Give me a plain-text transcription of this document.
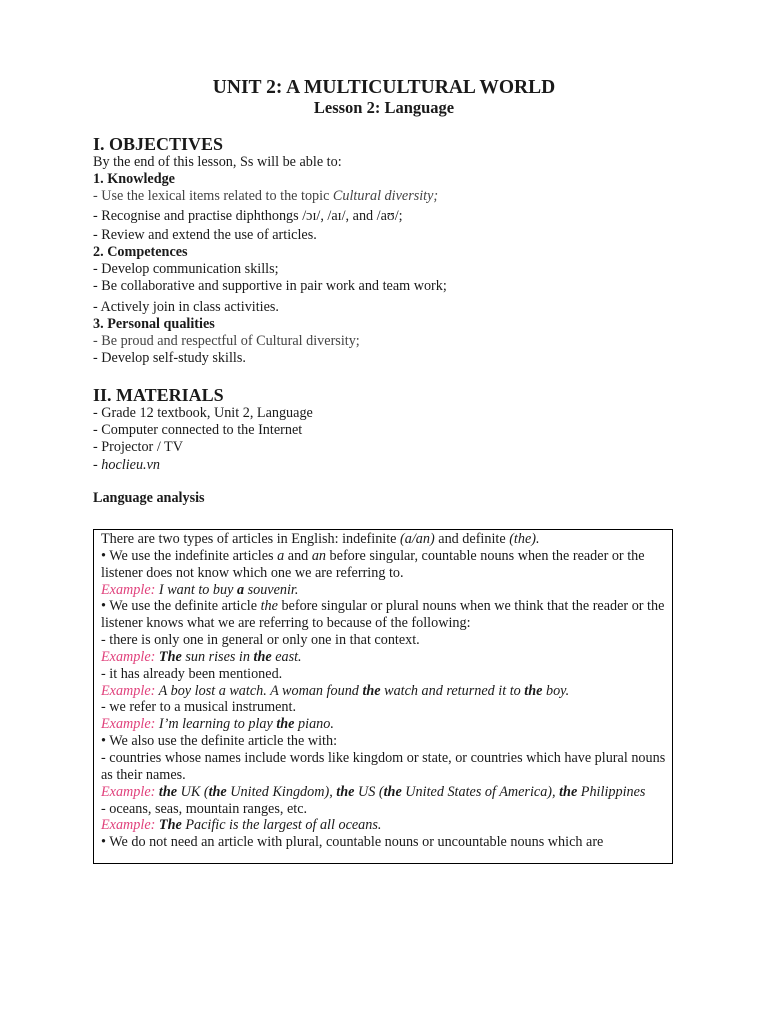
UNIT 2: A MULTICULTURAL WORLD
Lesson 2: Language
I. OBJECTIVES
By the end of this lesson, Ss will be able to:
1. Knowledge
- Use the lexical items related to the topic Cultural diversity;
- Recognise and practise diphthongs /ɔɪ/, /aɪ/, and /aʊ/;
- Review and extend the use of articles.
2. Competences
- Develop communication skills;
- Be collaborative and supportive in pair work and team work;
- Actively join in class activities.
3. Personal qualities
- Be proud and respectful of Cultural diversity;
- Develop self-study skills.
II. MATERIALS
- Grade 12 textbook, Unit 2, Language
- Computer connected to the Internet
- Projector / TV
- hoclieu.vn
Language analysis
There are two types of articles in English: indefinite (a/an) and definite (the).
• We use the indefinite articles a and an before singular, countable nouns when the reader or the listener does not know which one we are referring to.
Example: I want to buy a souvenir.
• We use the definite article the before singular or plural nouns when we think that the reader or the listener knows what we are referring to because of the following:
- there is only one in general or only one in that context.
Example: The sun rises in the east.
- it has already been mentioned.
Example: A boy lost a watch. A woman found the watch and returned it to the boy.
- we refer to a musical instrument.
Example: I’m learning to play the piano.
• We also use the definite article the with:
- countries whose names include words like kingdom or state, or countries which have plural nouns as their names.
Example: the UK (the United Kingdom), the US (the United States of America), the Philippines
- oceans, seas, mountain ranges, etc.
Example: The Pacific is the largest of all oceans.
• We do not need an article with plural, countable nouns or uncountable nouns which are
